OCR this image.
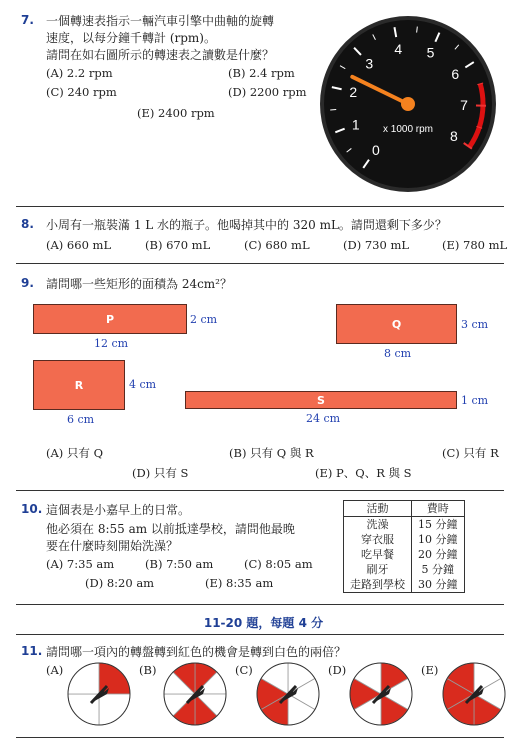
7. 一個轉速表指示一輛汽車引擎中曲軸的旋轉
速度，以每分鐘千轉計 (rpm)。
請問在如右圖所示的轉速表之讀數是什麼？
(A) 2.2 rpm	(B) 2.4 rpm
(C) 240 rpm	(D) 2200 rpm
(E) 2400 rpm
0
1
2
3
4 5
6
7
8
x 1000 rpm
8. 小周有一瓶裝滿 1 L 水的瓶子。他喝掉其中的 320 mL。請問還剩下多少？
(A) 660 mL	(B) 670 mL	(C) 680 mL	(D) 730 mL	(E) 780 mL
9. 請問哪一些矩形的面積為 24cm²？
P	2 cm
12 cm
Q	3 cm
8 cm
R	4 cm
6 cm
S	1 cm
24 cm
(A) 只有 Q	(B) 只有 Q 與 R	(C) 只有 R
(D) 只有 S	(E) P、Q、R 與 S
10. 這個表是小嘉早上的日常。
他必須在 8:55 am 以前抵達學校，請問他最晚
要在什麼時刻開始洗澡？
(A) 7:35 am	(B) 7:50 am	(C) 8:05 am
(D) 8:20 am	(E) 8:35 am
活動	費時
洗澡	15 分鐘
穿衣服	10 分鐘
吃早餐	20 分鐘
刷牙	5 分鐘
走路到學校	30 分鐘
11-20 題，每題 4 分
11. 請問哪一項內的轉盤轉到紅色的機會是轉到白色的兩倍？
(A)	(B)	(C)	(D)	(E)
